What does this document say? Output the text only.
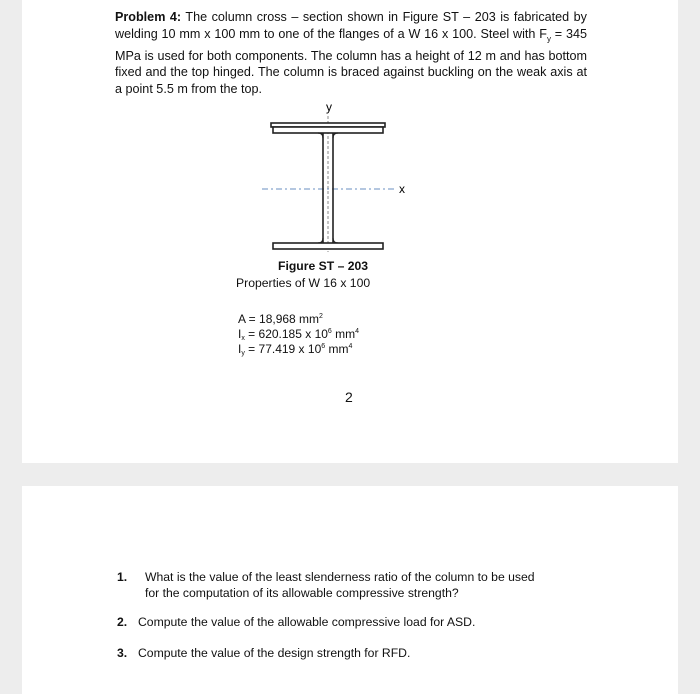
Problem 4: The column cross – section shown in Figure ST – 203 is fabricated by welding 10 mm x 100 mm to one of the flanges of a W 16 x 100. Steel with $F_y = 345$ MPa is used for both components. The column has a height of 12 m and has bottom fixed and the top hinged. The column is braced against buckling on the weak axis at a point 5.5 m from the top.

y
x
Figure ST – 203
Properties of W 16 x 100
A = 18,968 $mm^2$
$I_x = 620.185$ x $10^6$ $mm^4$
$I_y = 77.419$ x $10^6$ $mm^4$
2
1. What is the value of the least slenderness ratio of the column to be used
for the computation of its allowable compressive strength?
2. Compute the value of the allowable compressive load for ASD.
3. Compute the value of the design strength for RFD.
